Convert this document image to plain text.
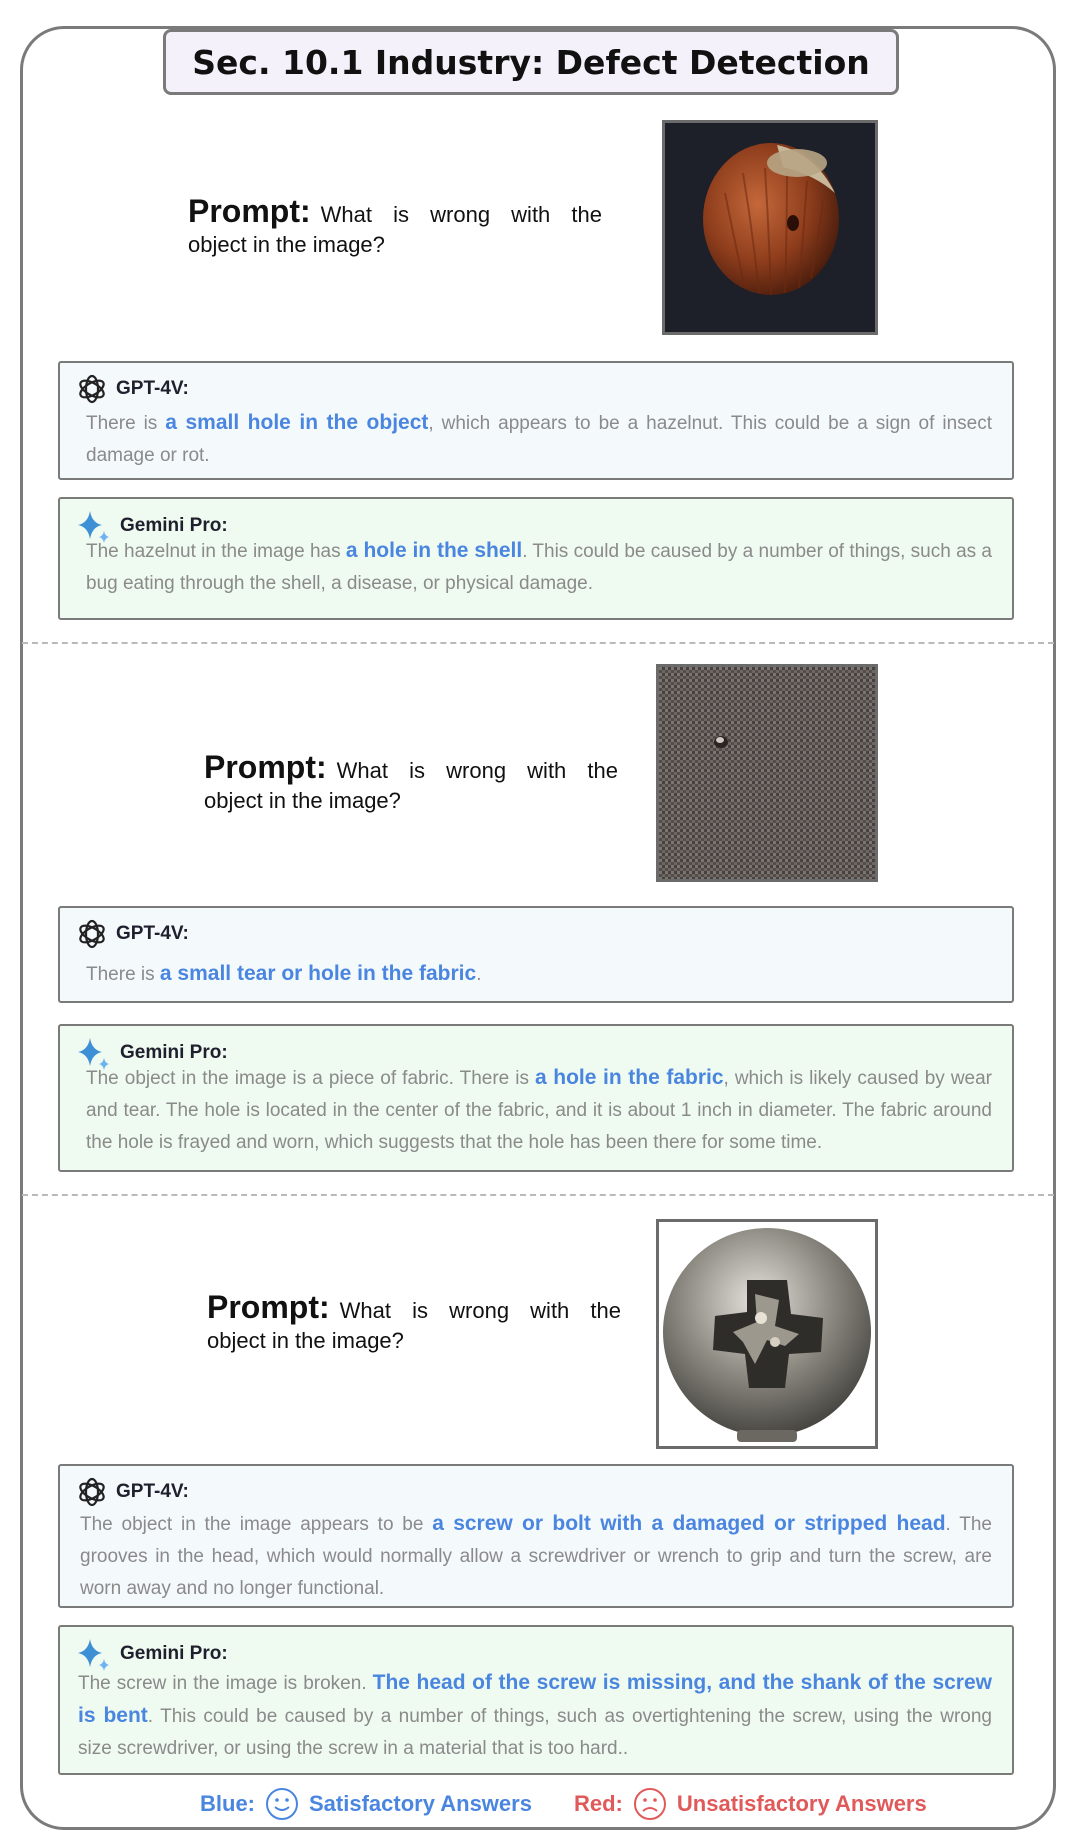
Sec. 10.1 Industry: Defect Detection
Prompt: What is wrong with the object in the image?
GPT-4V:
There is a small hole in the object, which appears to be a hazelnut. This could be a sign of insect damage or rot.
Gemini Pro:
The hazelnut in the image has a hole in the shell. This could be caused by a number of things, such as a bug eating through the shell, a disease, or physical damage.
Prompt: What is wrong with the object in the image?
GPT-4V:
There is a small tear or hole in the fabric.
Gemini Pro:
The object in the image is a piece of fabric. There is a hole in the fabric, which is likely caused by wear and tear. The hole is located in the center of the fabric, and it is about 1 inch in diameter. The fabric around the hole is frayed and worn, which suggests that the hole has been there for some time.
Prompt: What is wrong with the object in the image?
GPT-4V:
The object in the image appears to be a screw or bolt with a damaged or stripped head. The grooves in the head, which would normally allow a screwdriver or wrench to grip and turn the screw, are worn away and no longer functional.
Gemini Pro:
The screw in the image is broken. The head of the screw is missing, and the shank of the screw is bent. This could be caused by a number of things, such as overtightening the screw, using the wrong size screwdriver, or using the screw in a material that is too hard..
Blue: Satisfactory Answers Red: Unsatisfactory Answers
